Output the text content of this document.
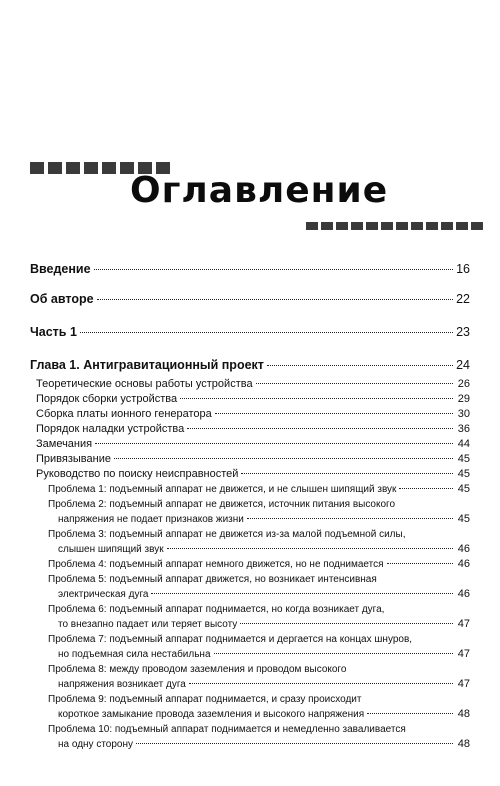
Оглавление
Введение	16
Об авторе	22
Часть 1	23
Глава 1. Антигравитационный проект	24
Теоретические основы работы устройства	26
Порядок сборки устройства	29
Сборка платы ионного генератора	30
Порядок наладки устройства	36
Замечания	44
Привязывание	45
Руководство по поиску неисправностей	45
Проблема 1: подъемный аппарат не движется, и не слышен шипящий звук	45
Проблема 2: подъемный аппарат не движется, источник питания высокого
напряжения не подает признаков жизни	45
Проблема 3: подъемный аппарат не движется из-за малой подъемной силы,
слышен шипящий звук	46
Проблема 4: подъемный аппарат немного движется, но не поднимается	46
Проблема 5: подъемный аппарат движется, но возникает интенсивная
электрическая дуга	46
Проблема 6: подъемный аппарат поднимается, но когда возникает дуга,
то внезапно падает или теряет высоту	47
Проблема 7: подъемный аппарат поднимается и дергается на концах шнуров,
но подъемная сила нестабильна	47
Проблема 8: между проводом заземления и проводом высокого
напряжения возникает дуга	47
Проблема 9: подъемный аппарат поднимается, и сразу происходит
короткое замыкание провода заземления и высокого напряжения	48
Проблема 10: подъемный аппарат поднимается и немедленно заваливается
на одну сторону	48
